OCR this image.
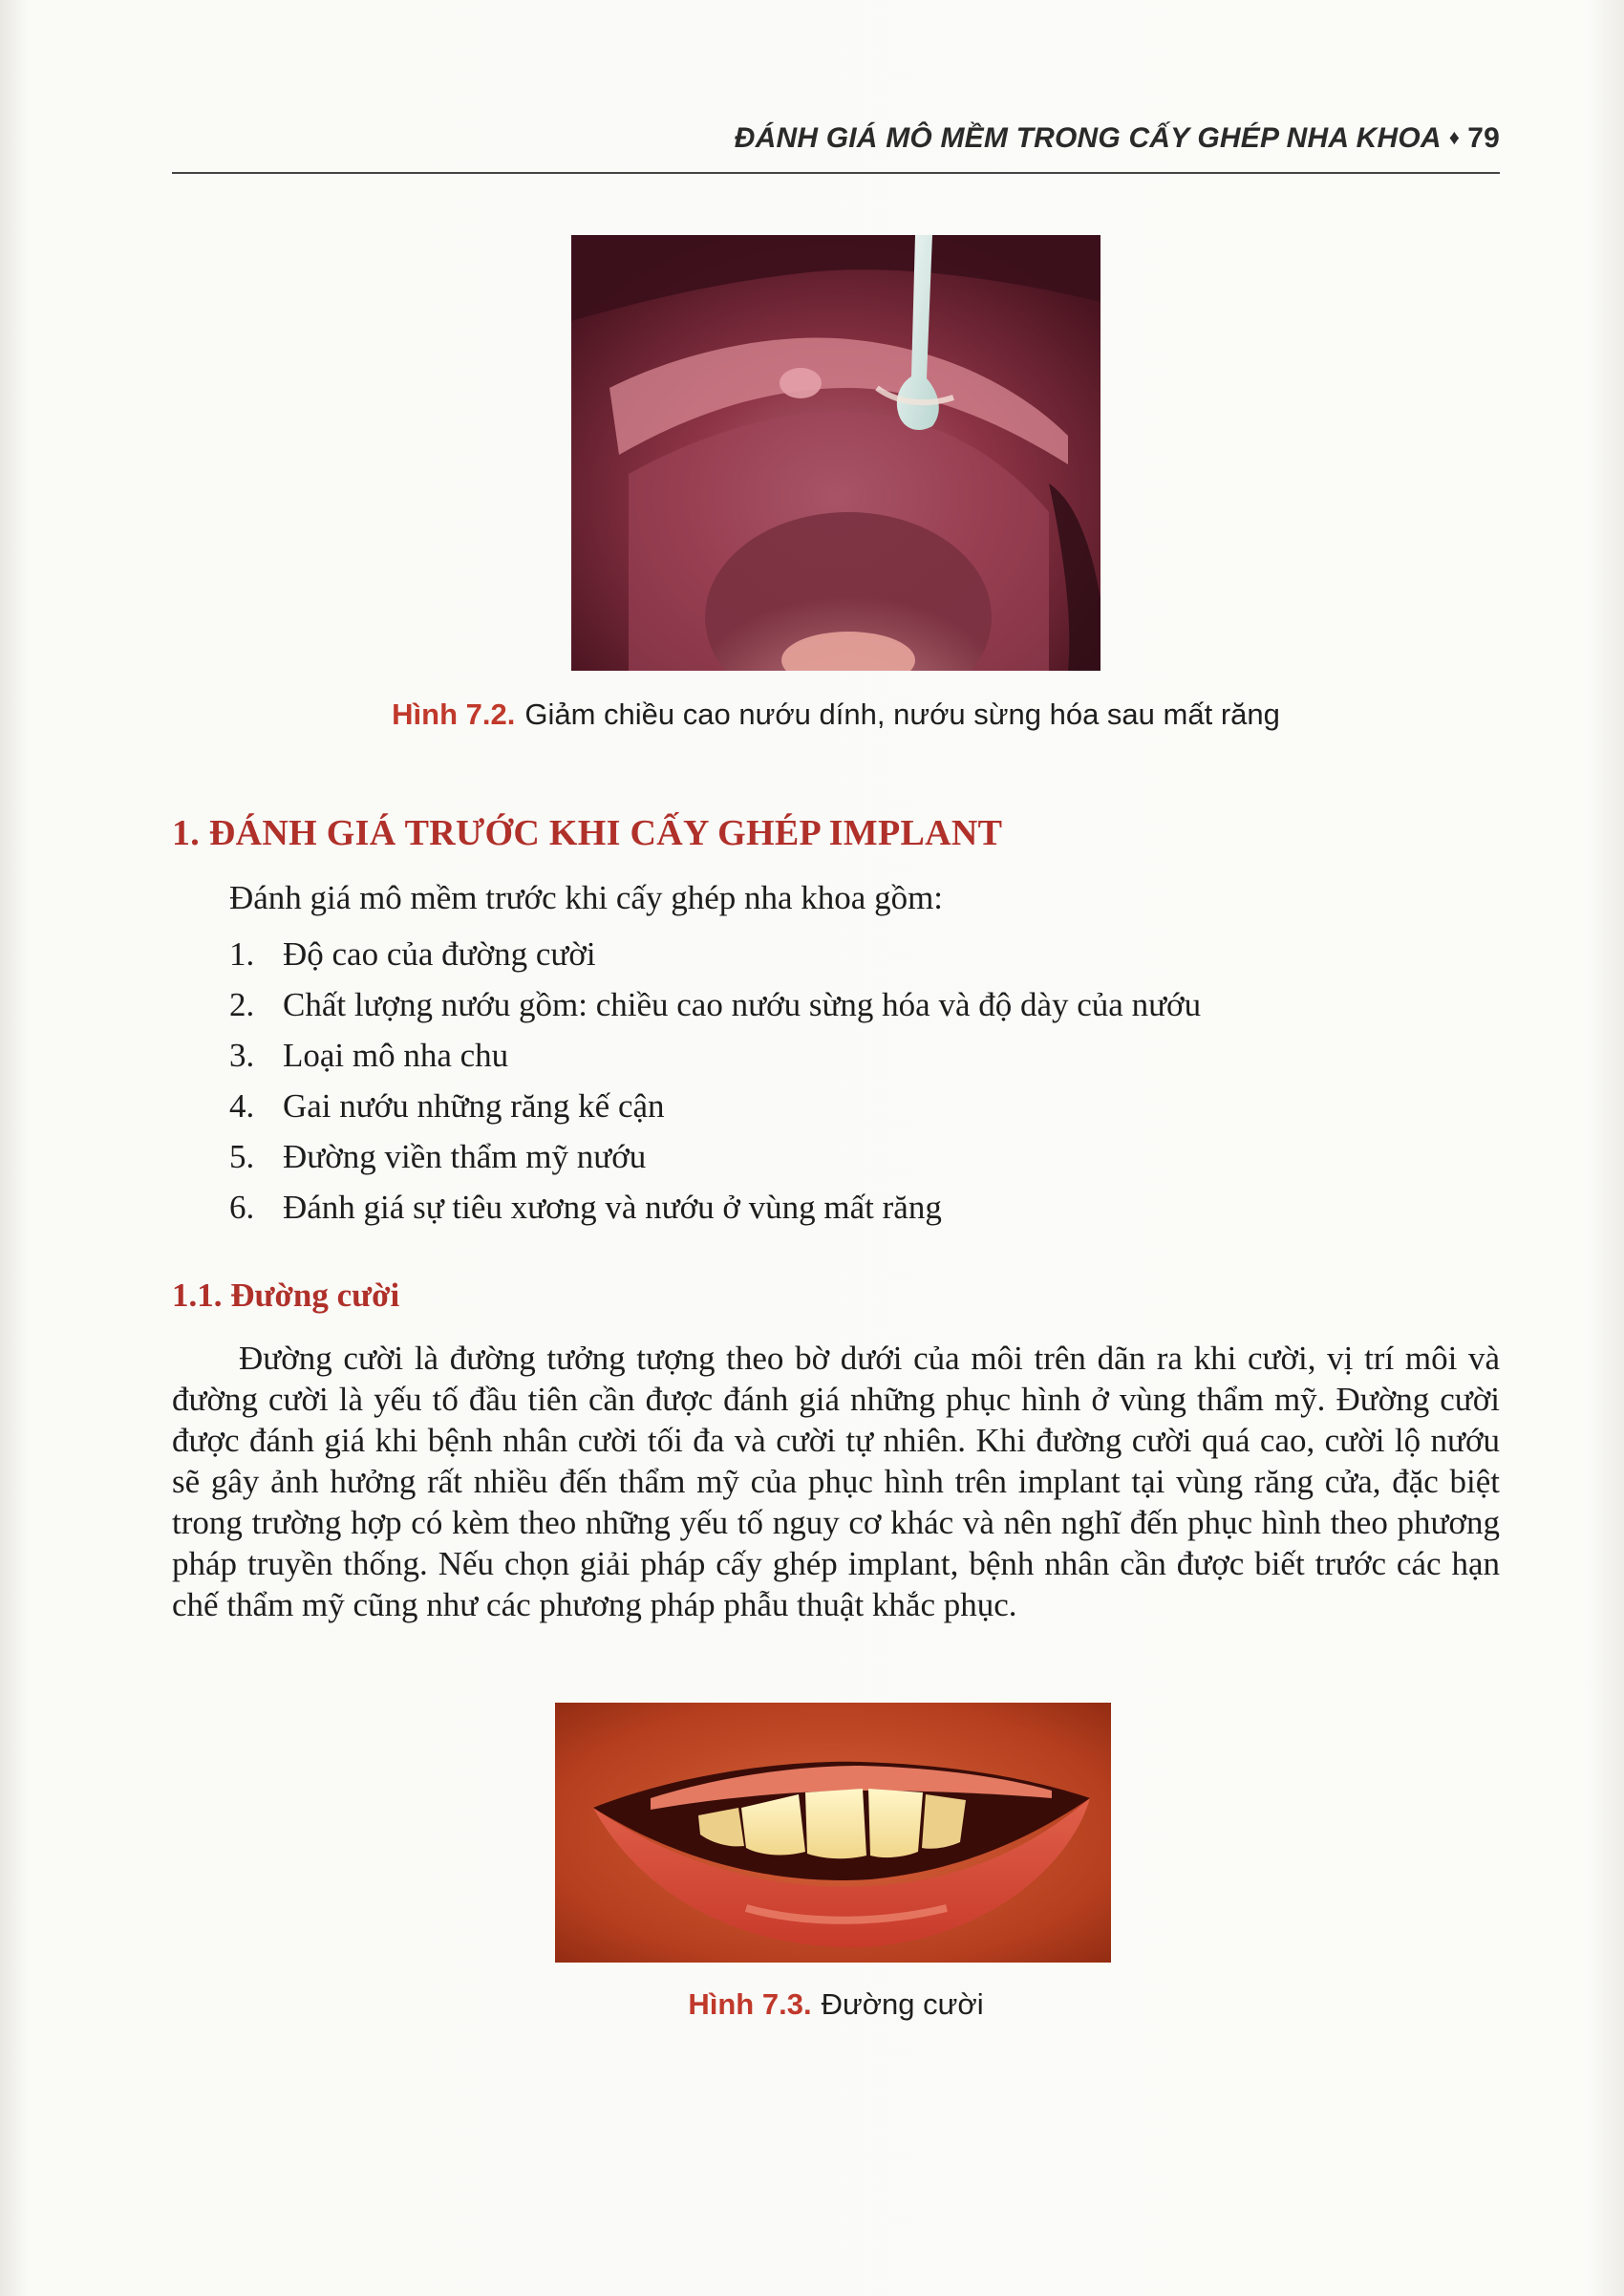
ĐÁNH GIÁ MÔ MỀM TRONG CẤY GHÉP NHA KHOA ♦ 79
Hình 7.2. Giảm chiều cao nướu dính, nướu sừng hóa sau mất răng
1. ĐÁNH GIÁ TRƯỚC KHI CẤY GHÉP IMPLANT
Đánh giá mô mềm trước khi cấy ghép nha khoa gồm:
1. Độ cao của đường cười
2. Chất lượng nướu gồm: chiều cao nướu sừng hóa và độ dày của nướu
3. Loại mô nha chu
4. Gai nướu những răng kế cận
5. Đường viền thẩm mỹ nướu
6. Đánh giá sự tiêu xương và nướu ở vùng mất răng
1.1. Đường cười

Đường cười là đường tưởng tượng theo bờ dưới của môi trên dãn ra khi cười, vị trí môi và đường cười là yếu tố đầu tiên cần được đánh giá những phục hình ở vùng thẩm mỹ. Đường cười được đánh giá khi bệnh nhân cười tối đa và cười tự nhiên. Khi đường cười quá cao, cười lộ nướu sẽ gây ảnh hưởng rất nhiều đến thẩm mỹ của phục hình trên implant tại vùng răng cửa, đặc biệt trong trường hợp có kèm theo những yếu tố nguy cơ khác và nên nghĩ đến phục hình theo phương pháp truyền thống. Nếu chọn giải pháp cấy ghép implant, bệnh nhân cần được biết trước các hạn chế thẩm mỹ cũng như các phương pháp phẫu thuật khắc phục.

Hình 7.3. Đường cười
